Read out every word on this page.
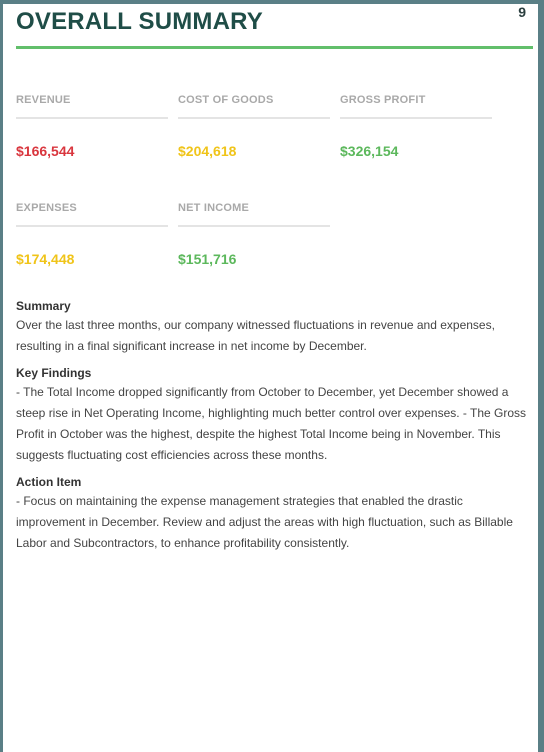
9
OVERALL SUMMARY
REVENUE
$166,544
COST OF GOODS
$204,618
GROSS PROFIT
$326,154
EXPENSES
$174,448
NET INCOME
$151,716

Summary

Over the last three months, our company witnessed fluctuations in revenue and expenses, resulting in a final significant increase in net income by December.

Key Findings

- The Total Income dropped significantly from October to December, yet December showed a steep rise in Net Operating Income, highlighting much better control over expenses. - The Gross Profit in October was the highest, despite the highest Total Income being in November. This suggests fluctuating cost efficiencies across these months.

Action Item

- Focus on maintaining the expense management strategies that enabled the drastic improvement in December. Review and adjust the areas with high fluctuation, such as Billable Labor and Subcontractors, to enhance profitability consistently.
